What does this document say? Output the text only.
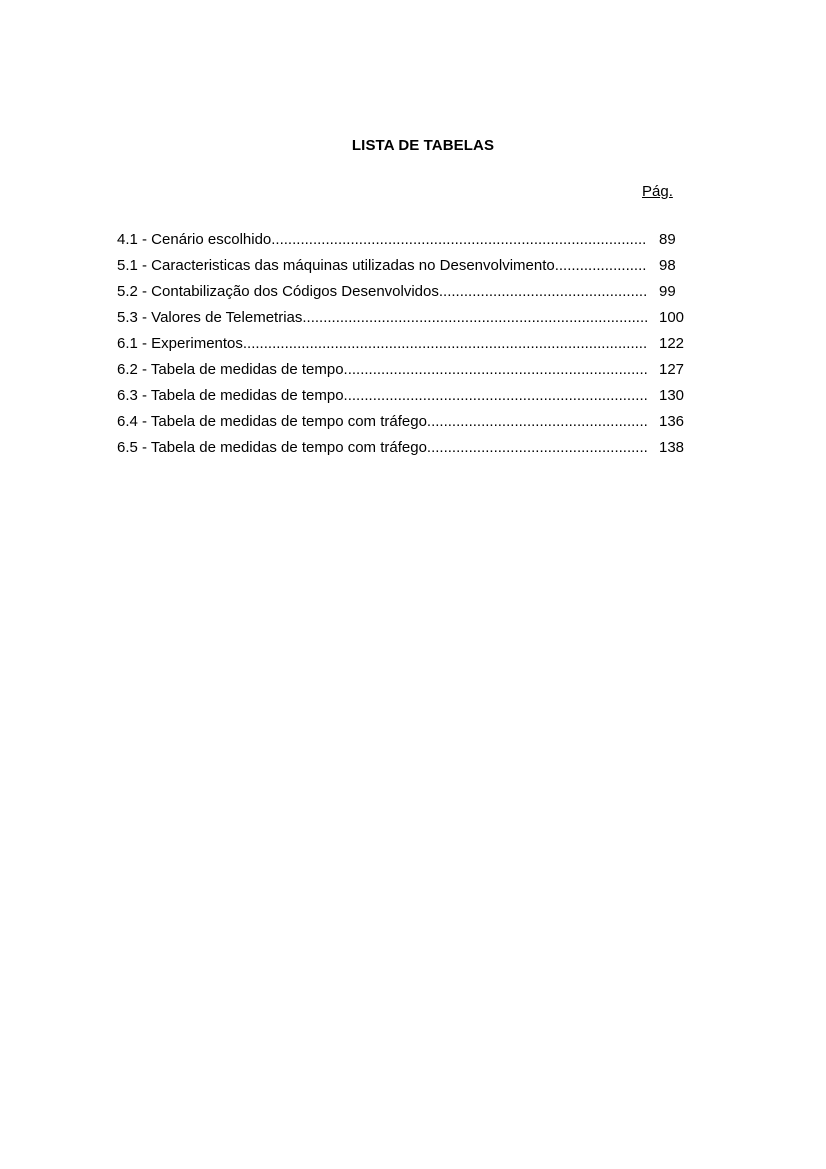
LISTA DE TABELAS
Pág.
4.1 - Cenário escolhido .....	89
5.1 - Caracteristicas das máquinas utilizadas no Desenvolvimento .....	98
5.2 - Contabilização dos Códigos Desenvolvidos .....	99
5.3 - Valores de Telemetrias .....	100
6.1 - Experimentos .....	122
6.2 - Tabela de medidas de tempo .....	127
6.3 - Tabela de medidas de tempo .....	130
6.4 - Tabela de medidas de tempo com tráfego .....	136
6.5 - Tabela de medidas de tempo com tráfego .....	138
